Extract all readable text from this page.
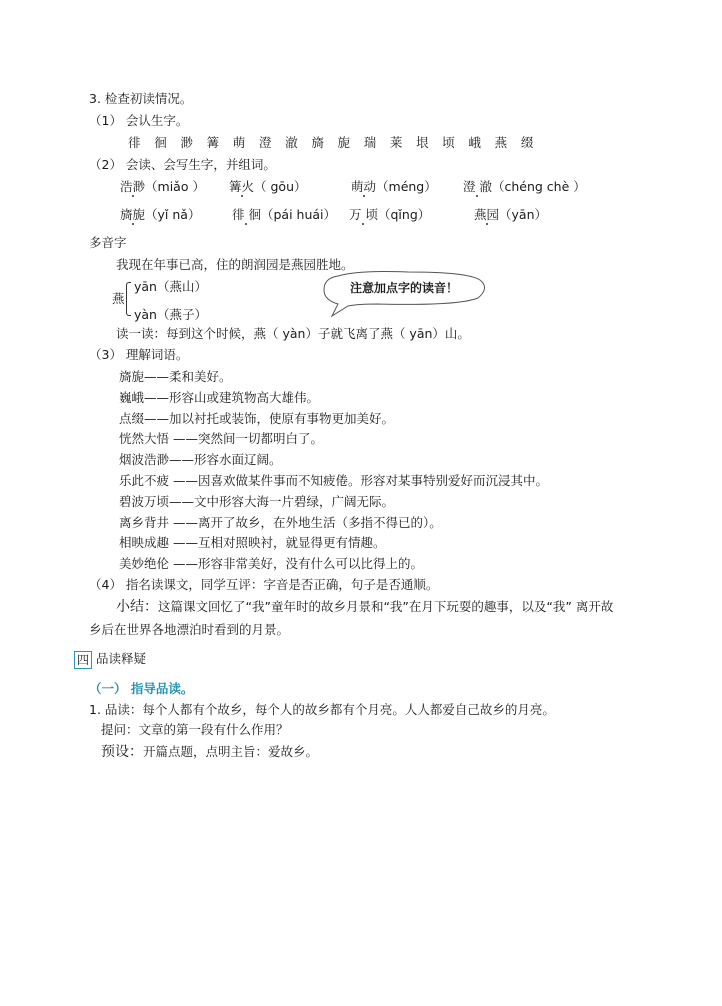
3. 检查初读情况。
（1） 会认生字。
徘	徊	渺	篝	萌	澄	澈	旖	旎	瑞	莱	垠	顷	峨	燕	缀
（2） 会读、会写生字，并组词。
浩渺（miǎo ） 篝火（ gōu）	萌动（méng） 澄 澈（chéng chè ）
旖旎（yǐ nǎ）	徘 徊（pái huái） 万 顷（qǐng）	燕园（yān）
多音字
我现在年事已高，住的朗润园是燕园胜地。
燕
yān（燕山）
yàn（燕子）
注意加点字的读音！
读一读：每到这个时候，燕（ yàn）子就飞离了燕（ yān）山。
（3） 理解词语。
旖旎——柔和美好。
巍峨——形容山或建筑物高大雄伟。
点缀——加以衬托或装饰，使原有事物更加美好。
恍然大悟 ——突然间一切都明白了。
烟波浩渺——形容水面辽阔。
乐此不疲 ——因喜欢做某件事而不知疲倦。形容对某事特别爱好而沉浸其中。
碧波万顷——文中形容大海一片碧绿，广阔无际。
离乡背井 ——离开了故乡，在外地生活（多指不得已的）。
相映成趣 ——互相对照映衬，就显得更有情趣。
美妙绝伦 ——形容非常美好，没有什么可以比得上的。
（4） 指名读课文，同学互评：字音是否正确，句子是否通顺。
小结：这篇课文回忆了“我”童年时的故乡月景和“我”在月下玩耍的趣事，以及“我” 离开故
乡后在世界各地漂泊时看到的月景。
四 品读释疑
（一） 指导品读。
1. 品读：每个人都有个故乡，每个人的故乡都有个月亮。人人都爱自己故乡的月亮。
提问：文章的第一段有什么作用？
预设：开篇点题，点明主旨：爱故乡。
